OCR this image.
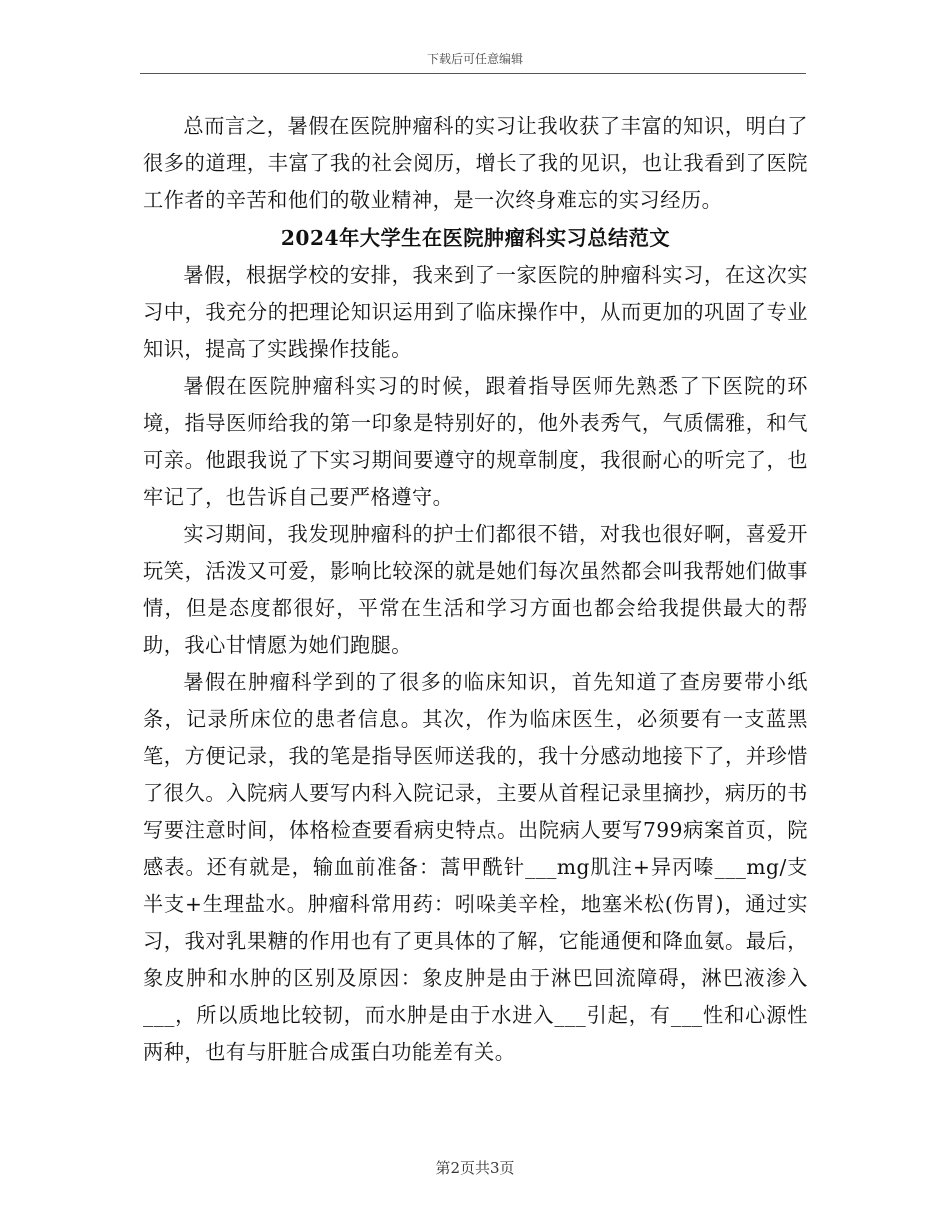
下载后可任意编辑

总而言之，暑假在医院肿瘤科的实习让我收获了丰富的知识，明白了很多的道理，丰富了我的社会阅历，增长了我的见识，也让我看到了医院工作者的辛苦和他们的敬业精神，是一次终身难忘的实习经历。

2024年大学生在医院肿瘤科实习总结范文

暑假，根据学校的安排，我来到了一家医院的肿瘤科实习，在这次实习中，我充分的把理论知识运用到了临床操作中，从而更加的巩固了专业知识，提高了实践操作技能。

暑假在医院肿瘤科实习的时候，跟着指导医师先熟悉了下医院的环境，指导医师给我的第一印象是特别好的，他外表秀气，气质儒雅，和气可亲。他跟我说了下实习期间要遵守的规章制度，我很耐心的听完了，也牢记了，也告诉自己要严格遵守。

实习期间，我发现肿瘤科的护士们都很不错，对我也很好啊，喜爱开玩笑，活泼又可爱，影响比较深的就是她们每次虽然都会叫我帮她们做事情，但是态度都很好，平常在生活和学习方面也都会给我提供最大的帮助，我心甘情愿为她们跑腿。

暑假在肿瘤科学到的了很多的临床知识，首先知道了查房要带小纸条，记录所床位的患者信息。其次，作为临床医生，必须要有一支蓝黑笔，方便记录，我的笔是指导医师送我的，我十分感动地接下了，并珍惜了很久。入院病人要写内科入院记录，主要从首程记录里摘抄，病历的书写要注意时间，体格检查要看病史特点。出院病人要写799病案首页，院感表。还有就是，输血前准备：蒿甲酰针___mg肌注+异丙嗪___mg/支半支+生理盐水。肿瘤科常用药：吲哚美辛栓，地塞米松(伤胃)，通过实习，我对乳果糖的作用也有了更具体的了解，它能通便和降血氨。最后，象皮肿和水肿的区别及原因：象皮肿是由于淋巴回流障碍，淋巴液渗入___，所以质地比较韧，而水肿是由于水进入___引起，有___性和心源性两种，也有与肝脏合成蛋白功能差有关。

第2页共3页
